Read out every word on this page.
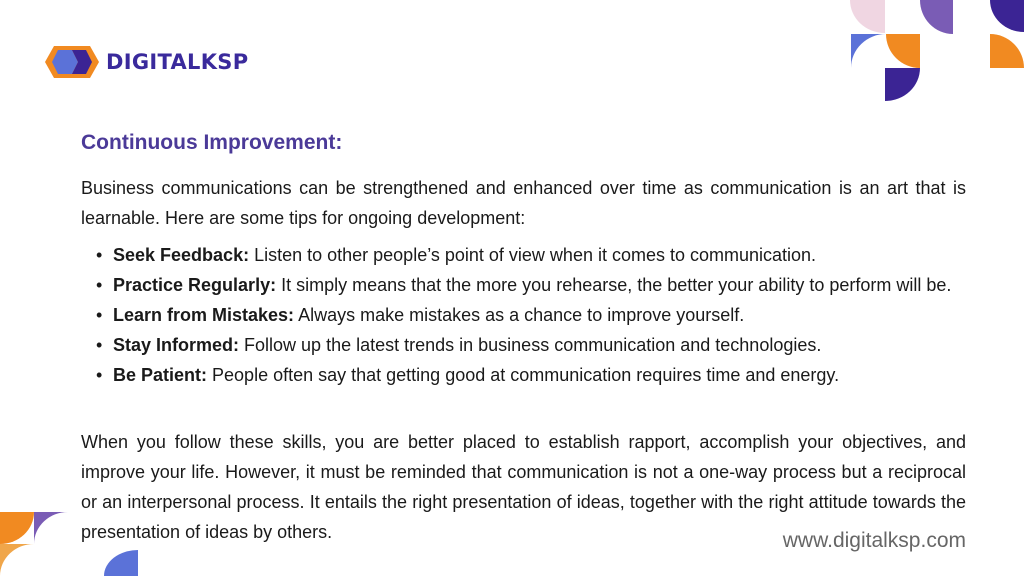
DIGITALKSP
Continuous Improvement:
Business communications can be strengthened and enhanced over time as communication is an art that is learnable. Here are some tips for ongoing development:
• Seek Feedback: Listen to other people’s point of view when it comes to communication.
• Practice Regularly: It simply means that the more you rehearse, the better your ability to perform will be.
• Learn from Mistakes: Always make mistakes as a chance to improve yourself.
• Stay Informed: Follow up the latest trends in business communication and technologies.
• Be Patient: People often say that getting good at communication requires time and energy.
When you follow these skills, you are better placed to establish rapport, accomplish your objectives, and improve your life. However, it must be reminded that communication is not a one-way process but a reciprocal or an interpersonal process. It entails the right presentation of ideas, together with the right attitude towards the presentation of ideas by others.	www.digitalksp.com
